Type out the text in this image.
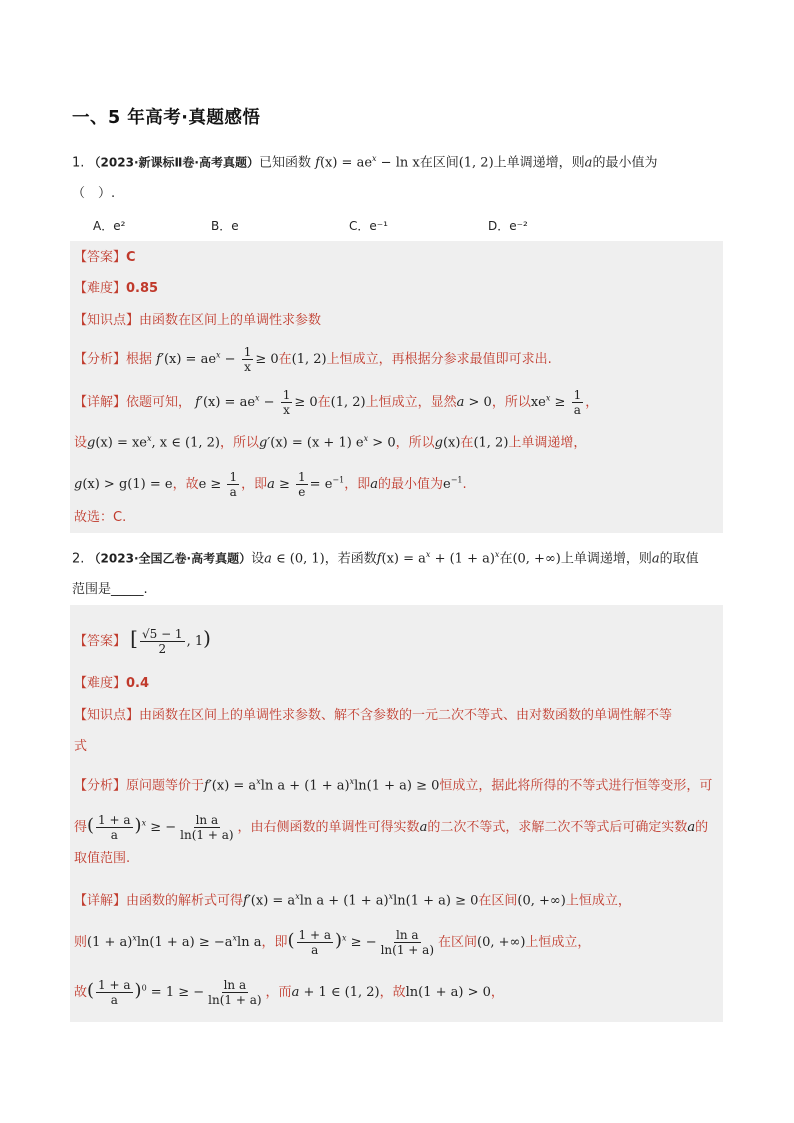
一、5 年高考·真题感悟
1. （2023·新课标Ⅱ卷·高考真题）已知函数 $f(x) = ae^x - \ln x$在区间(1, 2)上单调递增，则a的最小值为
（　）.
A．e²	B．e	C．e⁻¹	D．e⁻²
【答案】C
【难度】0.85
【知识点】由函数在区间上的单调性求参数
【分析】根据 $f'(x) = ae^x - \frac{1}{x} \ge 0$在(1, 2)上恒成立，再根据分参求最值即可求出.
【详解】依题可知， $f'(x) = ae^x - \frac{1}{x} \ge 0$在(1, 2)上恒成立，显然a > 0，所以$xe^x \ge \frac{1}{a}$ ，
设$g(x) = xe^x$, x ∈ (1, 2)，所以g′(x) = (x + 1) $e^x > 0$，所以g(x)在(1, 2)上单调递增，
g(x) > g(1) = e，故$e \ge \frac{1}{a}$ ，即$a \ge \frac{1}{e} = e^{-1}$，即a的最小值为$e^{-1}$.
故选：C.
2. （2023·全国乙卷·高考真题）设a ∈ (0, 1)，若函数$f(x) = a^x + (1 + a)^x$在(0, +∞)上单调递增，则a的取值
范围是_____.
【答案】 [ $\frac{√5 - 1}{2}$ , 1)
【难度】0.4
【知识点】由函数在区间上的单调性求参数、解不含参数的一元二次不等式、由对数函数的单调性解不等
式
【分析】原问题等价于$f'(x) = a^x\ln$ $a + (1 + a)^x\ln(1 + a) \ge 0$恒成立，据此将所得的不等式进行恒等变形，可
得( $\frac{1 + a}{a} )^x$ ≥ − $\frac{\text{ln a}}{\ln(1 + a)}$ ，由右侧函数的单调性可得实数a的二次不等式，求解二次不等式后可确定实数a的
取值范围.
【详解】由函数的解析式可得$f'(x) = a^x\ln$ $a + (1 + a)^x\ln(1 + a) \ge 0$在区间(0, +∞)上恒成立，
则$(1 + a)^x\ln(1 + a) \ge -a^x\ln$ a，即( $\frac{1 + a}{a} )^x$ ≥ − $\frac{\text{ln a}}{\ln(1 + a)}$ 在区间(0, +∞)上恒成立，
故( $\frac{1 + a}{a} )^0 = 1$ ≥ − $\frac{\text{ln a}}{\ln(1 + a)}$ ，而a + 1 ∈ (1, 2)，故ln(1 + a) > 0，
